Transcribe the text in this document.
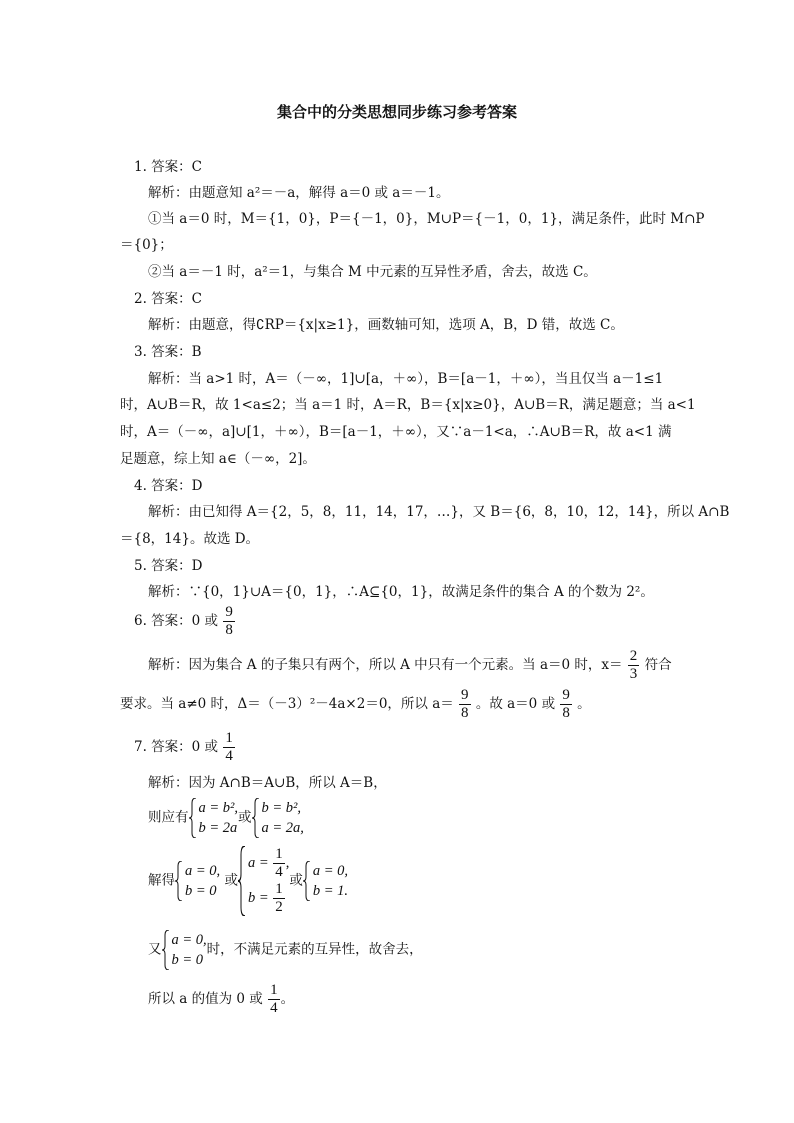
集合中的分类思想同步练习参考答案
1. 答案：C
解析：由题意知 a²＝－a，解得 a＝0 或 a＝－1。
①当 a＝0 时，M＝{1，0}，P＝{－1，0}，M∪P＝{－1，0，1}，满足条件，此时 M∩P
＝{0}；
②当 a＝－1 时，a²＝1，与集合 M 中元素的互异性矛盾，舍去，故选 C。
2. 答案：C
解析：由题意，得∁RP＝{x|x≥1}，画数轴可知，选项 A，B，D 错，故选 C。
3. 答案：B
解析：当 a>1 时，A＝（－∞，1]∪[a，＋∞），B＝[a－1，＋∞），当且仅当 a－1≤1
时，A∪B＝R，故 1<a≤2；当 a＝1 时，A＝R，B＝{x|x≥0}，A∪B＝R，满足题意；当 a<1
时，A＝（－∞，a]∪[1，＋∞），B＝[a－1，＋∞），又∵a－1<a，∴A∪B＝R，故 a<1 满
足题意，综上知 a∈（－∞，2]。
4. 答案：D
解析：由已知得 A＝{2，5，8，11，14，17，…}，又 B＝{6，8，10，12，14}，所以 A∩B
＝{8，14}。故选 D。
5. 答案：D
解析：∵{0，1}∪A＝{0，1}，∴A⊆{0，1}，故满足条件的集合 A 的个数为 2²。
6. 答案：0 或 $\frac{9}{8}$
解析：因为集合 A 的子集只有两个，所以 A 中只有一个元素。当 a＝0 时，$x= \frac{2}{3}$ 符合
要求。当 a≠0 时，Δ＝（－3）²－4a×2＝0，所以 $a= \frac{9}{8}$ 。故 a＝0 或 $\frac{9}{8}$ 。
7. 答案：0 或 $\frac{1}{4}$
解析：因为 A∩B＝A∪B，所以 A＝B，
则应有
a = b²,
b = 2a
或
b = b²,
a = 2a,
解得
a = 0,
b = 0
或
$a = \frac{1}{4}$ ,
$b = \frac{1}{2}$
或
a = 0,
b = 1.
又
a = 0,
b = 0
时，不满足元素的互异性，故舍去，
所以 a 的值为 0 或 $\frac{1}{4}$ 。
